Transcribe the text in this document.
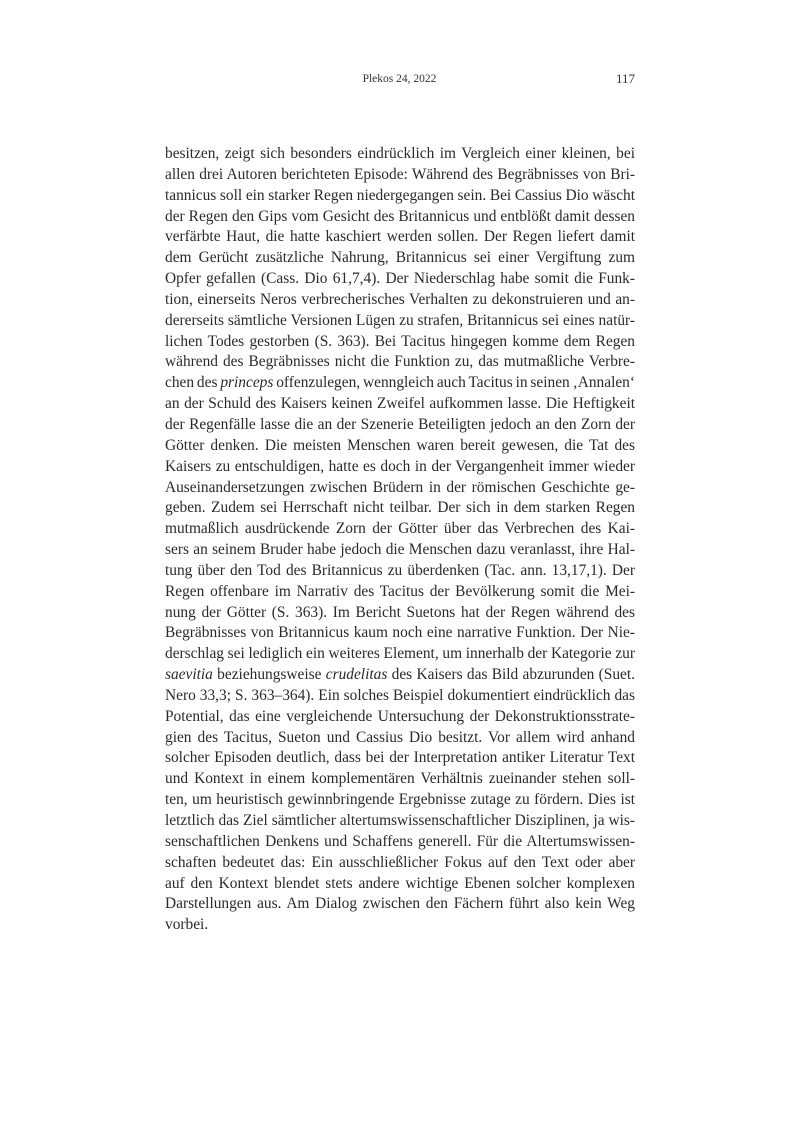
Plekos 24, 2022	117
besitzen, zeigt sich besonders eindrücklich im Vergleich einer kleinen, bei
allen drei Autoren berichteten Episode: Während des Begräbnisses von Bri-
tannicus soll ein starker Regen niedergegangen sein. Bei Cassius Dio wäscht
der Regen den Gips vom Gesicht des Britannicus und entblößt damit dessen
verfärbte Haut, die hatte kaschiert werden sollen. Der Regen liefert damit
dem Gerücht zusätzliche Nahrung, Britannicus sei einer Vergiftung zum
Opfer gefallen (Cass. Dio 61,7,4). Der Niederschlag habe somit die Funk-
tion, einerseits Neros verbrecherisches Verhalten zu dekonstruieren und an-
dererseits sämtliche Versionen Lügen zu strafen, Britannicus sei eines natür-
lichen Todes gestorben (S. 363). Bei Tacitus hingegen komme dem Regen
während des Begräbnisses nicht die Funktion zu, das mutmaßliche Verbre-
chen des princeps offenzulegen, wenngleich auch Tacitus in seinen ‚Annalen‘
an der Schuld des Kaisers keinen Zweifel aufkommen lasse. Die Heftigkeit
der Regenfälle lasse die an der Szenerie Beteiligten jedoch an den Zorn der
Götter denken. Die meisten Menschen waren bereit gewesen, die Tat des
Kaisers zu entschuldigen, hatte es doch in der Vergangenheit immer wieder
Auseinandersetzungen zwischen Brüdern in der römischen Geschichte ge-
geben. Zudem sei Herrschaft nicht teilbar. Der sich in dem starken Regen
mutmaßlich ausdrückende Zorn der Götter über das Verbrechen des Kai-
sers an seinem Bruder habe jedoch die Menschen dazu veranlasst, ihre Hal-
tung über den Tod des Britannicus zu überdenken (Tac. ann. 13,17,1). Der
Regen offenbare im Narrativ des Tacitus der Bevölkerung somit die Mei-
nung der Götter (S. 363). Im Bericht Suetons hat der Regen während des
Begräbnisses von Britannicus kaum noch eine narrative Funktion. Der Nie-
derschlag sei lediglich ein weiteres Element, um innerhalb der Kategorie zur
saevitia beziehungsweise crudelitas des Kaisers das Bild abzurunden (Suet.
Nero 33,3; S. 363–364). Ein solches Beispiel dokumentiert eindrücklich das
Potential, das eine vergleichende Untersuchung der Dekonstruktionsstrate-
gien des Tacitus, Sueton und Cassius Dio besitzt. Vor allem wird anhand
solcher Episoden deutlich, dass bei der Interpretation antiker Literatur Text
und Kontext in einem komplementären Verhältnis zueinander stehen soll-
ten, um heuristisch gewinnbringende Ergebnisse zutage zu fördern. Dies ist
letztlich das Ziel sämtlicher altertumswissenschaftlicher Disziplinen, ja wis-
senschaftlichen Denkens und Schaffens generell. Für die Altertumswissen-
schaften bedeutet das: Ein ausschließlicher Fokus auf den Text oder aber
auf den Kontext blendet stets andere wichtige Ebenen solcher komplexen
Darstellungen aus. Am Dialog zwischen den Fächern führt also kein Weg
vorbei.
